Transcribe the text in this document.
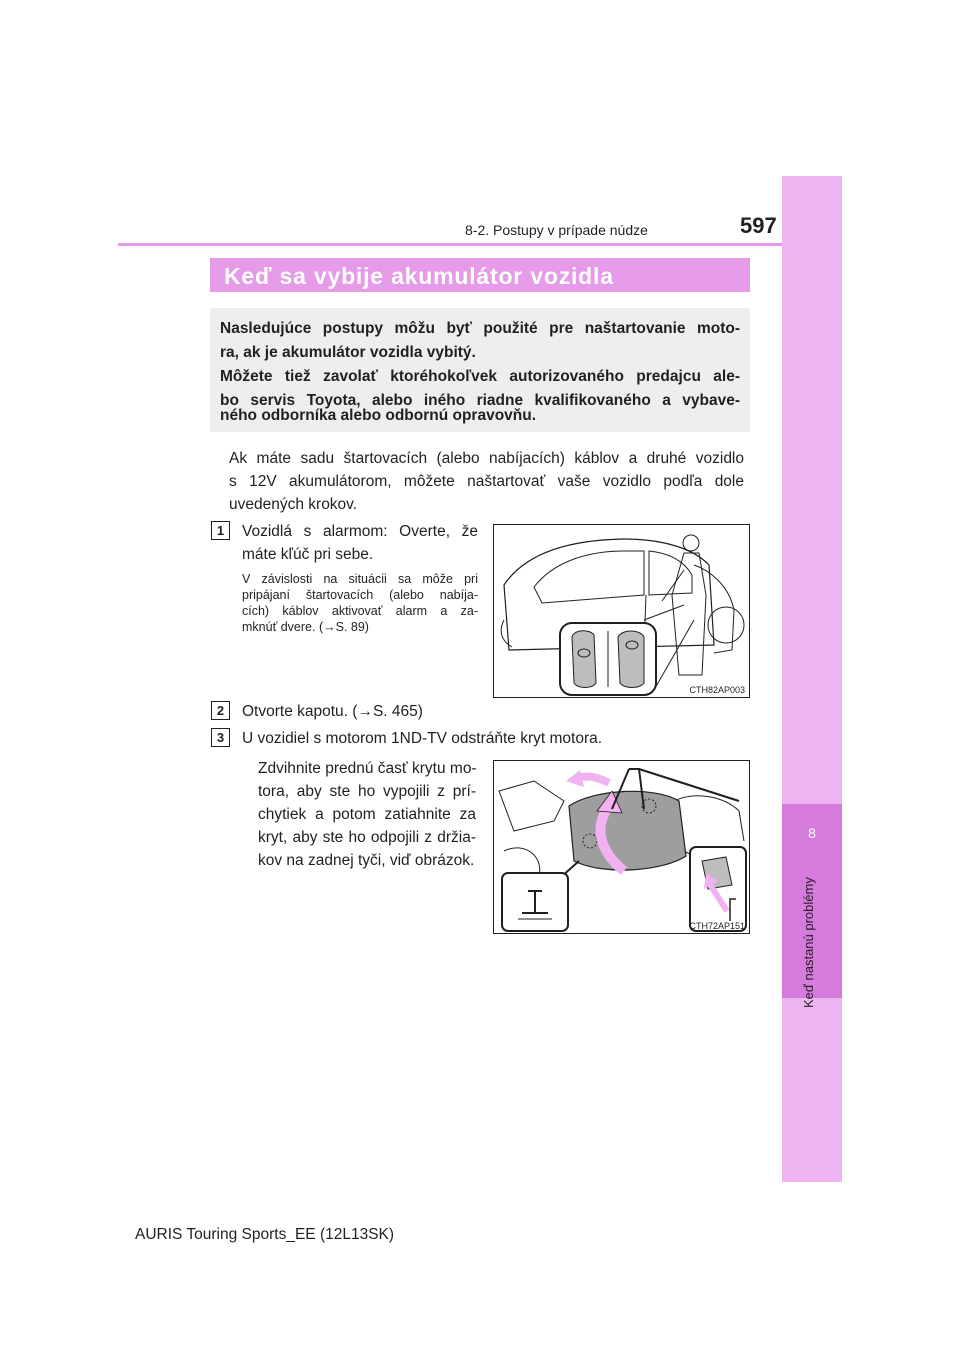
8-2. Postupy v prípade núdze	597
8
Keď nastanú problémy
Keď sa vybije akumulátor vozidla
Nasledujúce postupy môžu byť použité pre naštartovanie moto-
ra, ak je akumulátor vozidla vybitý.
Môžete tiež zavolať ktoréhokoľvek autorizovaného predajcu ale-
bo servis Toyota, alebo iného riadne kvalifikovaného a vybave-
ného odborníka alebo odbornú opravovňu.
Ak máte sadu štartovacích (alebo nabíjacích) káblov a druhé vozidlo
s 12V akumulátorom, môžete naštartovať vaše vozidlo podľa dole
uvedených krokov.
1	Vozidlá s alarmom: Overte, že
máte kľúč pri sebe.
V závislosti na situácii sa môže pri
pripájaní štartovacích (alebo nabíja-
cích) káblov aktivovať alarm a za-
mknúť dvere. (→S. 89)
CTH82AP003
2	Otvorte kapotu. (→S. 465)
3	U vozidiel s motorom 1ND-TV odstráňte kryt motora.
Zdvihnite prednú časť krytu mo-
tora, aby ste ho vypojili z prí-
chytiek a potom zatiahnite za
kryt, aby ste ho odpojili z držia-
kov na zadnej tyči, viď obrázok.
CTH72AP151
AURIS Touring Sports_EE (12L13SK)
